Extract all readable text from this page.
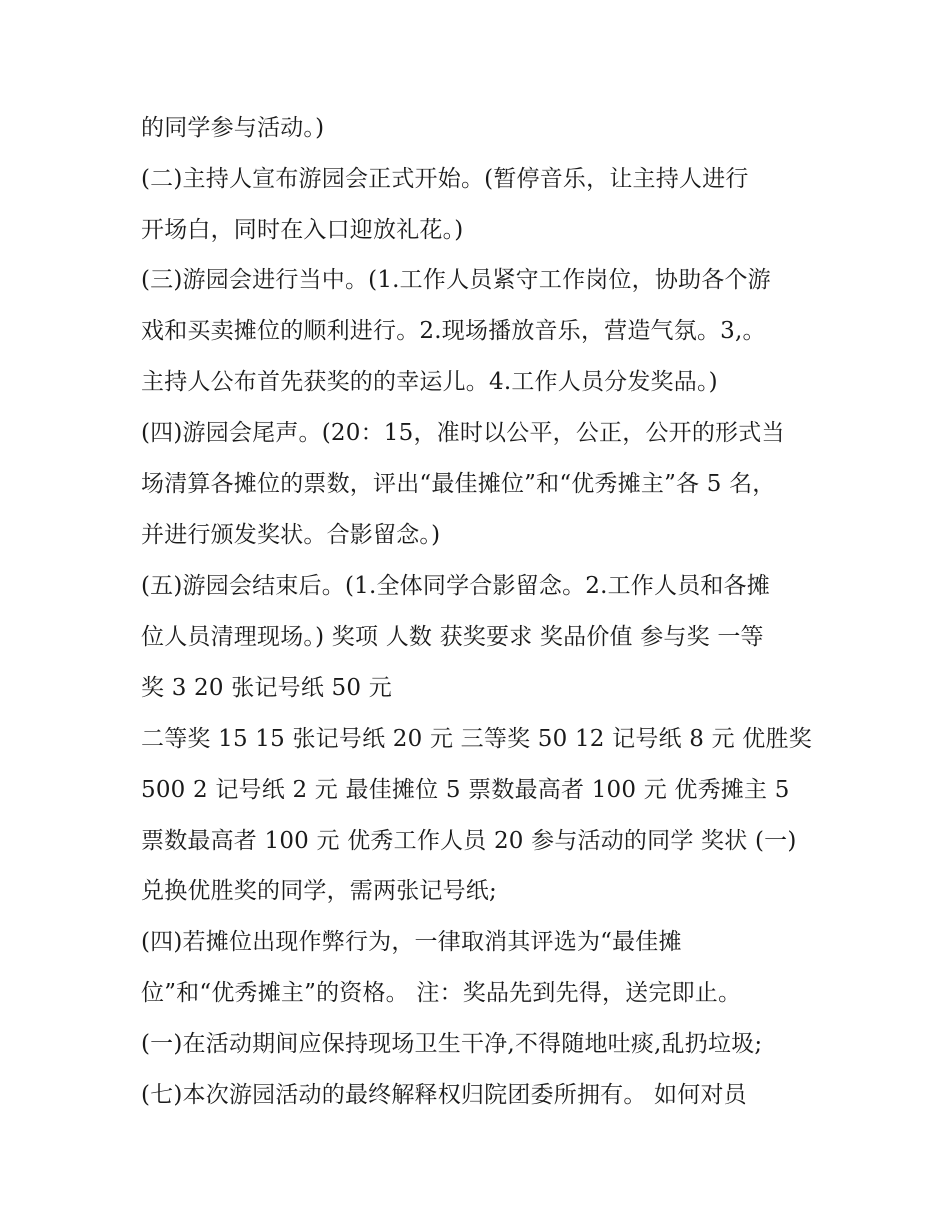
的同学参与活动。)
(二)主持人宣布游园会正式开始。(暂停音乐，让主持人进行
开场白，同时在入口迎放礼花。)
(三)游园会进行当中。(1.工作人员紧守工作岗位，协助各个游
戏和买卖摊位的顺利进行。2.现场播放音乐，营造气氛。3,。
主持人公布首先获奖的的幸运儿。4.工作人员分发奖品。)
(四)游园会尾声。(20：15，准时以公平，公正，公开的形式当
场清算各摊位的票数，评出“最佳摊位”和“优秀摊主”各 5 名，
并进行颁发奖状。合影留念。)
(五)游园会结束后。(1.全体同学合影留念。2.工作人员和各摊
位人员清理现场。) 奖项 人数 获奖要求 奖品价值 参与奖 一等
奖 3 20 张记号纸 50 元
二等奖 15 15 张记号纸 20 元 三等奖 50 12 记号纸 8 元 优胜奖
500 2 记号纸 2 元 最佳摊位 5 票数最高者 100 元 优秀摊主 5
票数最高者 100 元 优秀工作人员 20 参与活动的同学 奖状 (一)
兑换优胜奖的同学，需两张记号纸;
(四)若摊位出现作弊行为，一律取消其评选为“最佳摊
位”和“优秀摊主”的资格。 注：奖品先到先得，送完即止。
(一)在活动期间应保持现场卫生干净,不得随地吐痰,乱扔垃圾;
(七)本次游园活动的最终解释权归院团委所拥有。 如何对员
